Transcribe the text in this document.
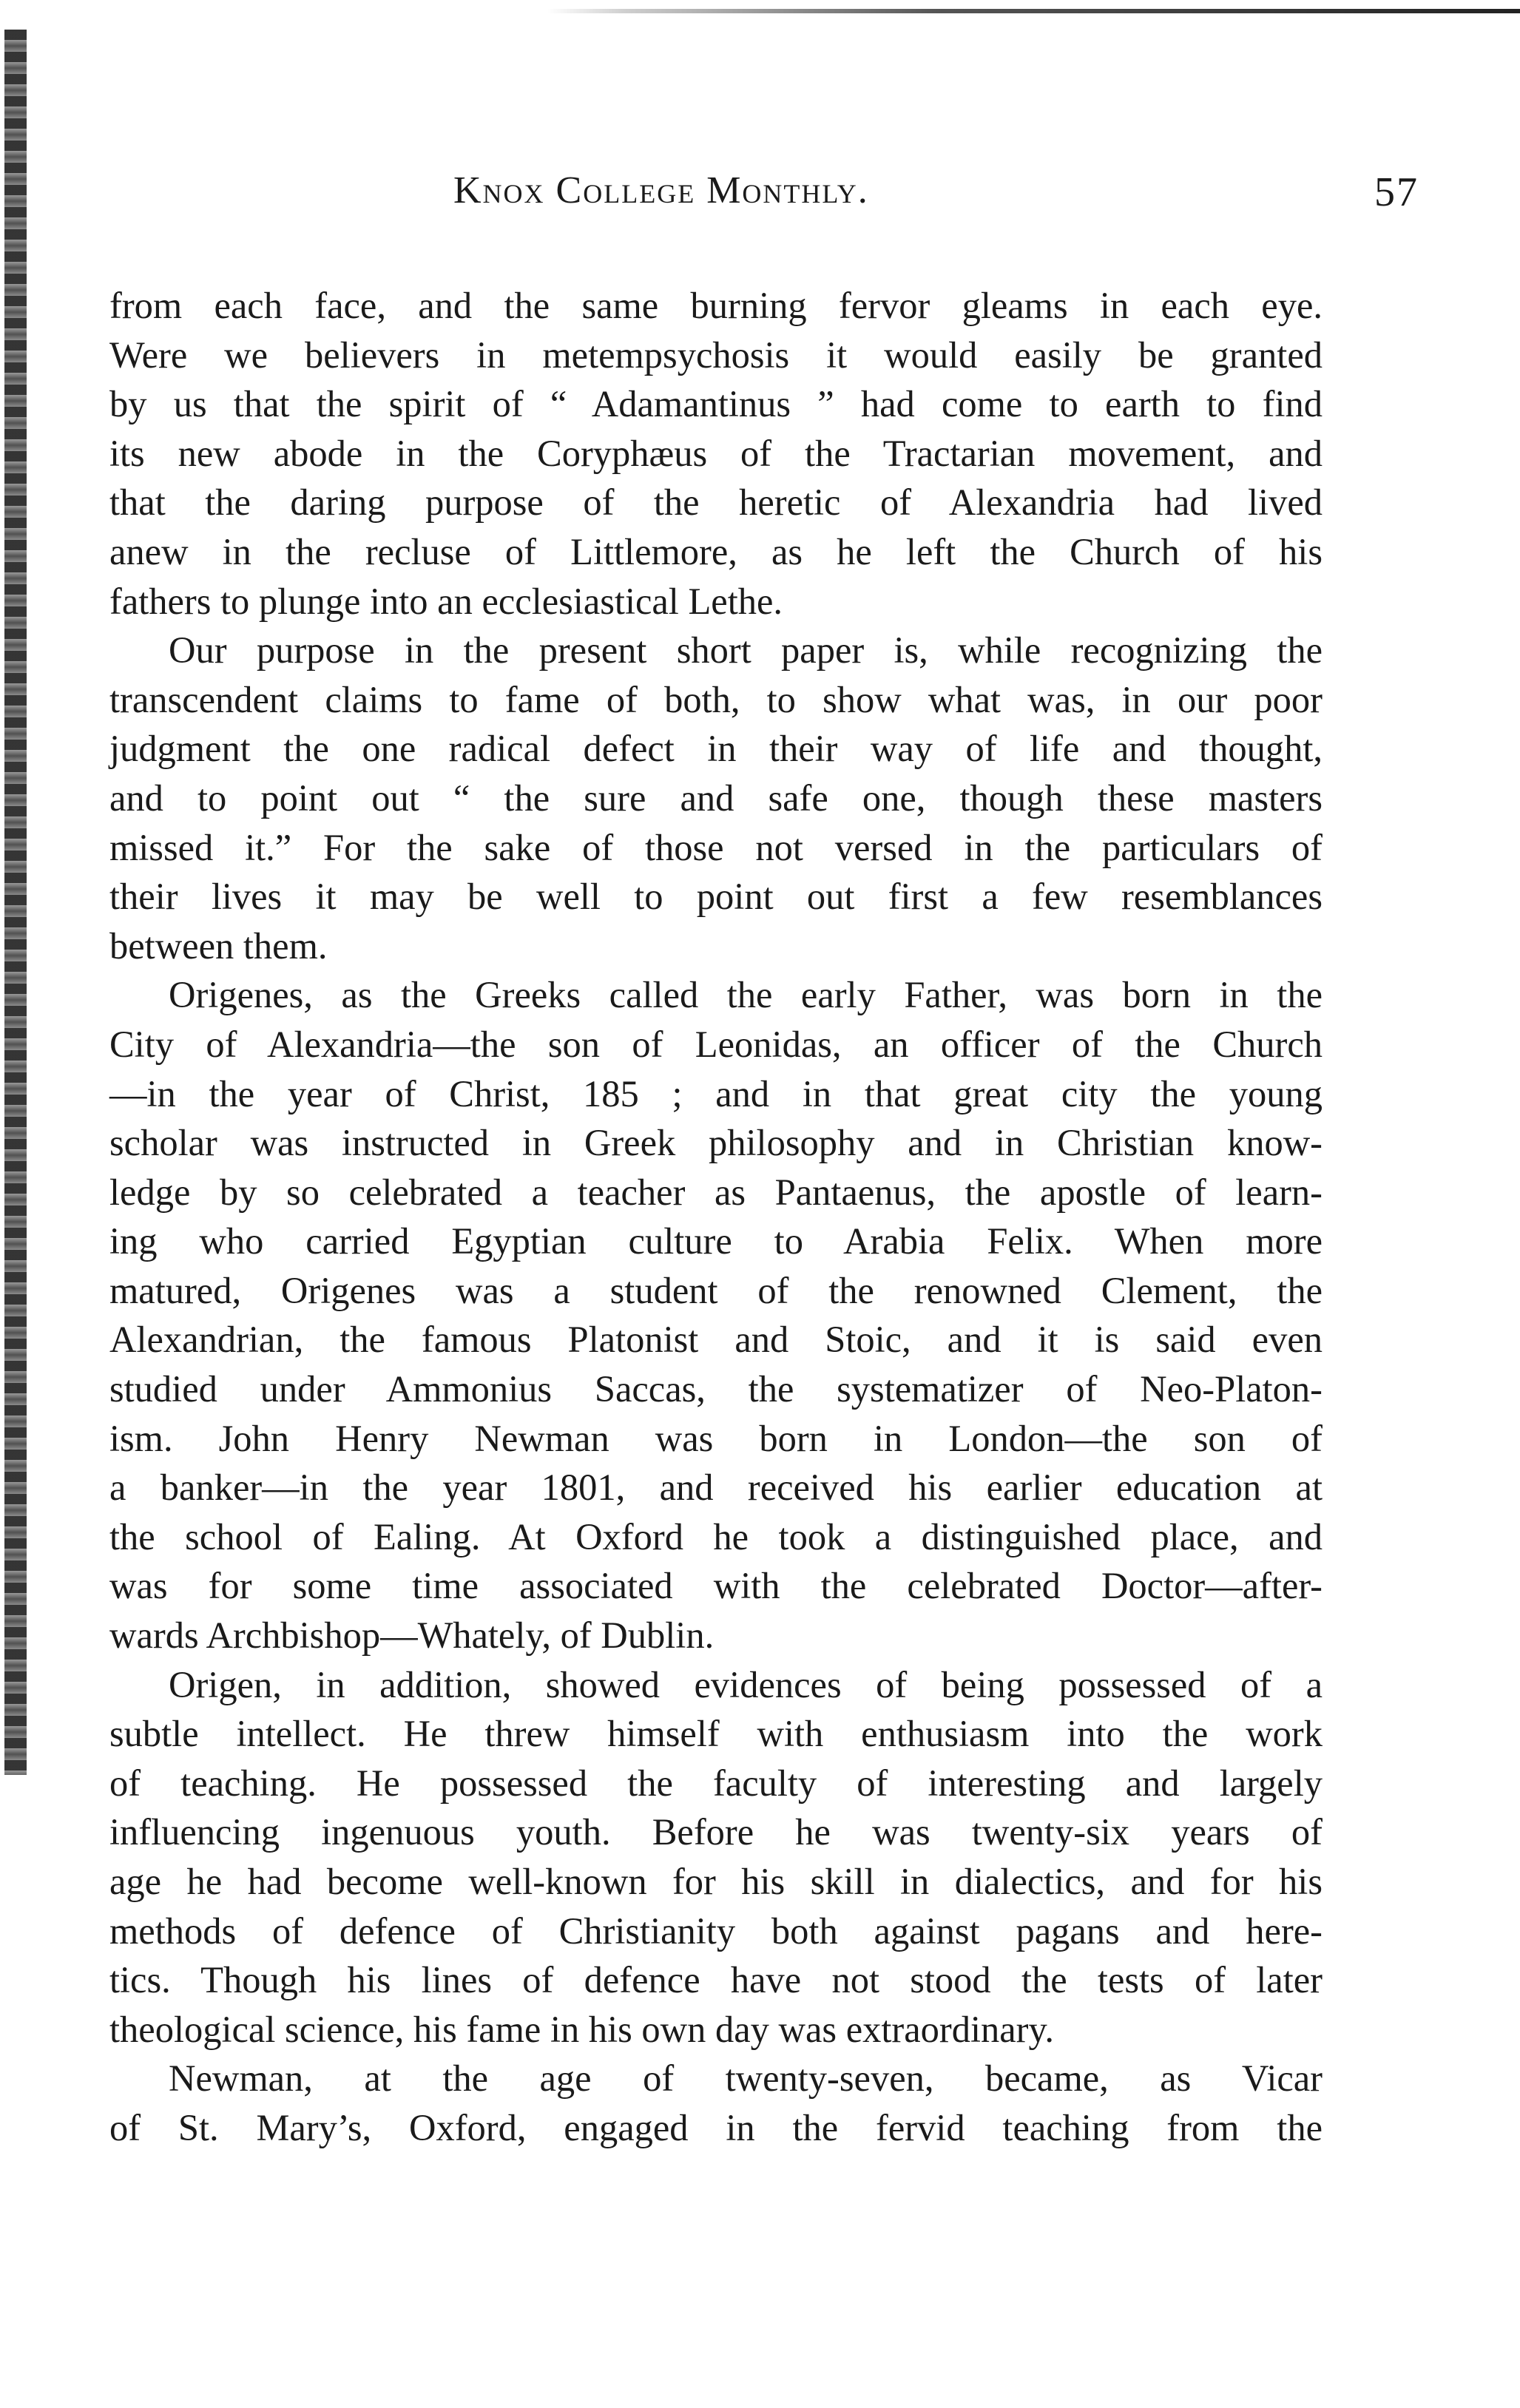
Knox College Monthly.	57

from each face, and the same burning fervor gleams in each eye.

Were we believers in metempsychosis it would easily be granted

by us that the spirit of “ Adamantinus ” had come to earth to find

its new abode in the Coryphæus of the Tractarian movement, and

that the daring purpose of the heretic of Alexandria had lived

anew in the recluse of Littlemore, as he left the Church of his

fathers to plunge into an ecclesiastical Lethe.

Our purpose in the present short paper is, while recognizing the

transcendent claims to fame of both, to show what was, in our poor

judgment the one radical defect in their way of life and thought,

and to point out “ the sure and safe one, though these masters

missed it.” For the sake of those not versed in the particulars of

their lives it may be well to point out first a few resemblances

between them.

Origenes, as the Greeks called the early Father, was born in the

City of Alexandria—the son of Leonidas, an officer of the Church

—in the year of Christ, 185 ; and in that great city the young

scholar was instructed in Greek philosophy and in Christian know-

ledge by so celebrated a teacher as Pantaenus, the apostle of learn-

ing who carried Egyptian culture to Arabia Felix. When more

matured, Origenes was a student of the renowned Clement, the

Alexandrian, the famous Platonist and Stoic, and it is said even

studied under Ammonius Saccas, the systematizer of Neo-Platon-

ism. John Henry Newman was born in London—the son of

a banker—in the year 1801, and received his earlier education at

the school of Ealing. At Oxford he took a distinguished place, and

was for some time associated with the celebrated Doctor—after-

wards Archbishop—Whately, of Dublin.

Origen, in addition, showed evidences of being possessed of a

subtle intellect. He threw himself with enthusiasm into the work

of teaching. He possessed the faculty of interesting and largely

influencing ingenuous youth. Before he was twenty-six years of

age he had become well-known for his skill in dialectics, and for his

methods of defence of Christianity both against pagans and here-

tics. Though his lines of defence have not stood the tests of later

theological science, his fame in his own day was extraordinary.

Newman, at the age of twenty-seven, became, as Vicar

of St. Mary’s, Oxford, engaged in the fervid teaching from the
